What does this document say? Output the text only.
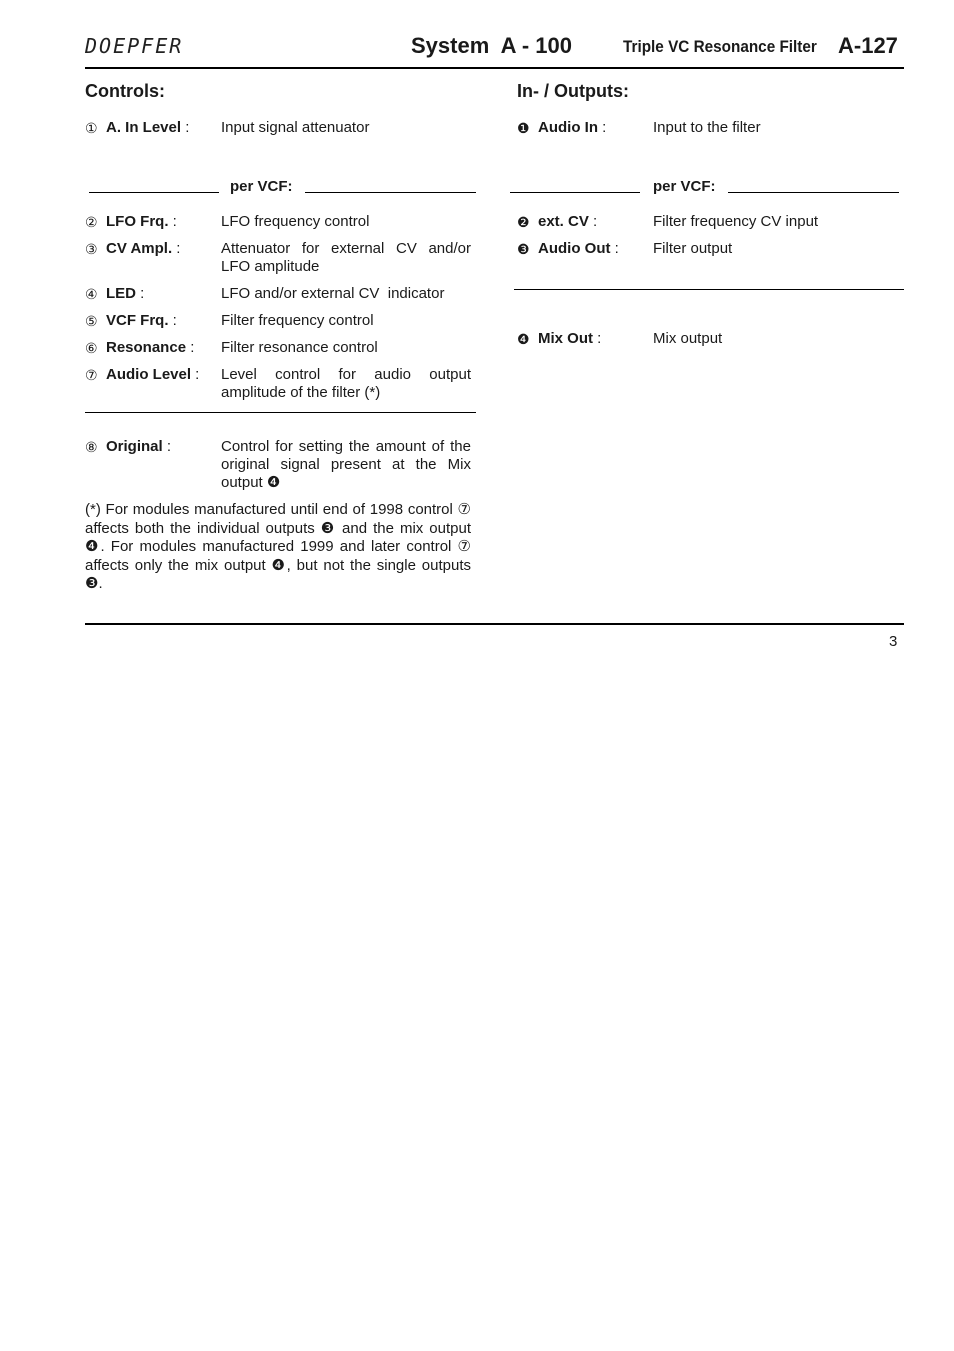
DOEPFER	System  A - 100	Triple VC Resonance Filter A-127
Controls:
① A. In Level : Input signal attenuator
per VCF:
② LFO Frq. :	LFO frequency control
③ CV Ampl. :	Attenuator for external CV and/or LFO amplitude
④ LED :	LFO and/or external CV  indicator
⑤ VCF Frq. :	Filter frequency control
⑥ Resonance : Filter resonance control
⑦ Audio Level : Level control for audio output amplitude of the filter (*)
⑧ Original :	Control for setting the amount of the original signal present at the Mix output ❹
(*) For modules manufactured until end of 1998 control ⑦ affects both the individual outputs ❸ and the mix output ❹. For modules manufactured 1999 and later control ⑦ affects only the mix output ❹, but not the single outputs ❸.
In- / Outputs:
❶ Audio In :	Input to the filter
per VCF:
❷ ext. CV :	Filter frequency CV input
❸ Audio Out : Filter output
❹ Mix Out :	Mix output
3
